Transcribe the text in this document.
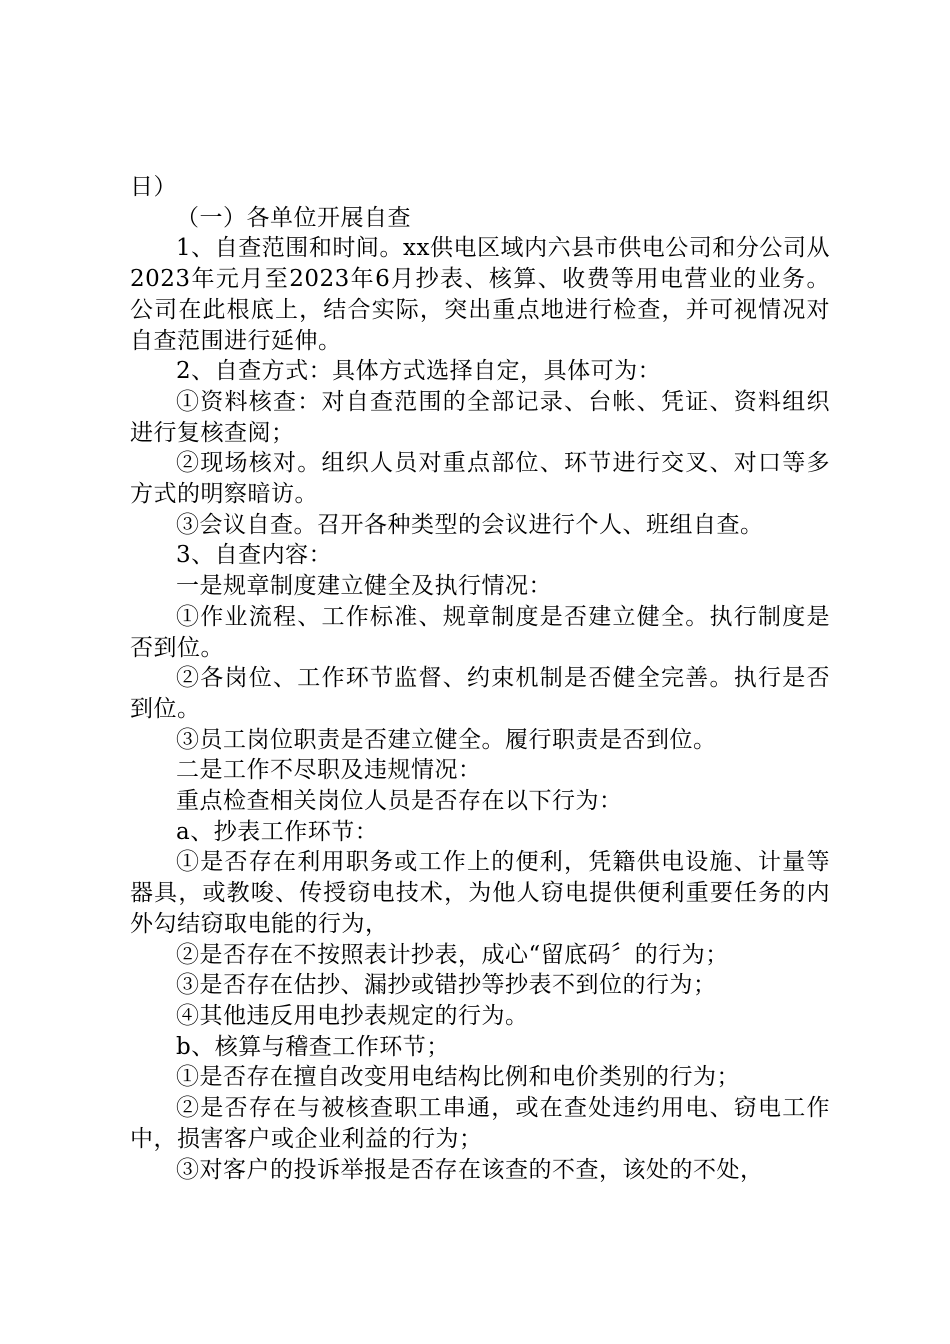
日）

（一）各单位开展自查

1、自查范围和时间。xx供电区域内六县市供电公司和分公司从2023年元月至2023年6月抄表、核算、收费等用电营业的业务。公司在此根底上，结合实际，突出重点地进行检查，并可视情况对自查范围进行延伸。

2、自查方式：具体方式选择自定，具体可为：

①资料核查：对自查范围的全部记录、台帐、凭证、资料组织进行复核查阅；

②现场核对。组织人员对重点部位、环节进行交叉、对口等多方式的明察暗访。

③会议自查。召开各种类型的会议进行个人、班组自查。

3、自查内容：

一是规章制度建立健全及执行情况：

①作业流程、工作标准、规章制度是否建立健全。执行制度是否到位。

②各岗位、工作环节监督、约束机制是否健全完善。执行是否到位。

③员工岗位职责是否建立健全。履行职责是否到位。

二是工作不尽职及违规情况：

重点检查相关岗位人员是否存在以下行为：

a、抄表工作环节：

①是否存在利用职务或工作上的便利，凭籍供电设施、计量等器具，或教唆、传授窃电技术，为他人窃电提供便利重要任务的内外勾结窃取电能的行为，

②是否存在不按照表计抄表，成心“留底码〞的行为；

③是否存在估抄、漏抄或错抄等抄表不到位的行为；

④其他违反用电抄表规定的行为。

b、核算与稽查工作环节；

①是否存在擅自改变用电结构比例和电价类别的行为；

②是否存在与被核查职工串通，或在查处违约用电、窃电工作中，损害客户或企业利益的行为；

③对客户的投诉举报是否存在该查的不查，该处的不处，
